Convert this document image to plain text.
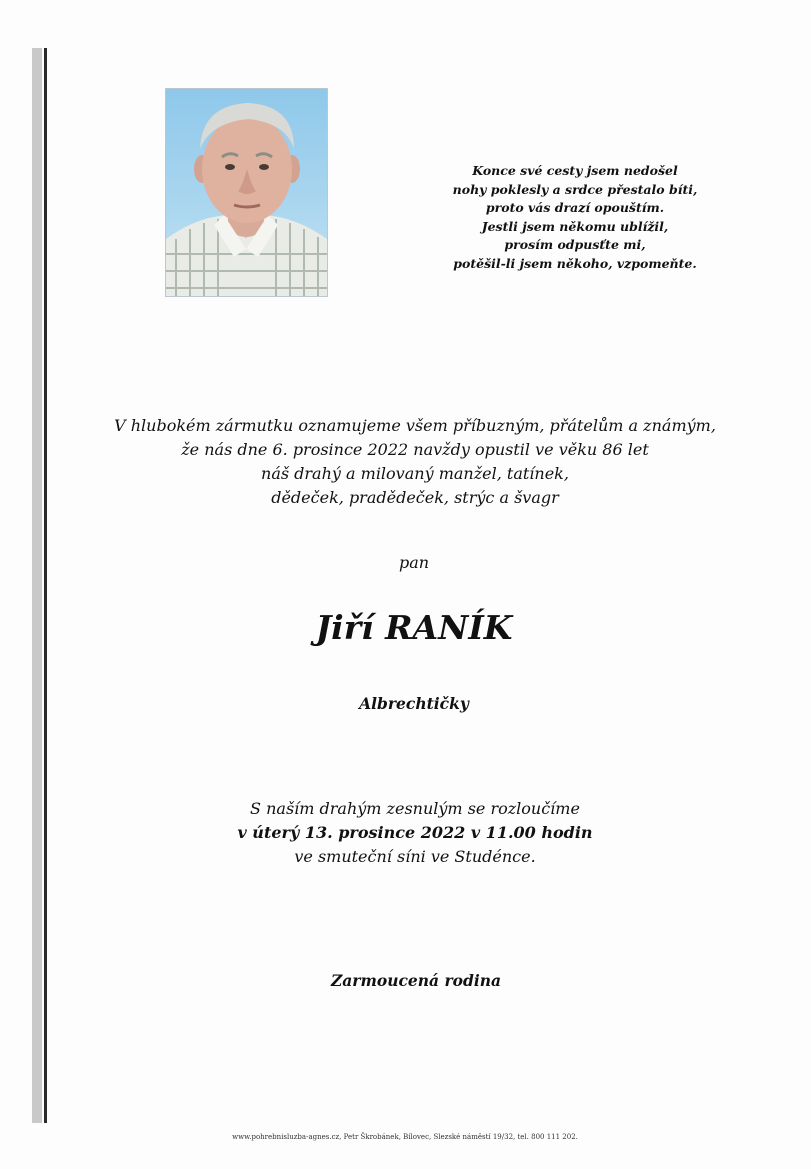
Konce své cesty jsem nedošel
nohy poklesly a srdce přestalo bíti,
proto vás drazí opouštím.
Jestli jsem někomu ublížil,
prosím odpusťte mi,
potěšil-li jsem někoho, vzpomeňte.
V hlubokém zármutku oznamujeme všem příbuzným, přátelům a známým,
že nás dne 6. prosince 2022 navždy opustil ve věku 86 let
náš drahý a milovaný manžel, tatínek,
dědeček, pradědeček, strýc a švagr
pan
Jiří RANÍK
Albrechtičky
S naším drahým zesnulým se rozloučíme
v úterý 13. prosince 2022 v 11.00 hodin
ve smuteční síni ve Studénce.
Zarmoucená rodina
www.pohrebnisluzba-agnes.cz, Petr Škrobánek, Bílovec, Slezské náměstí 19/32, tel. 800 111 202.
